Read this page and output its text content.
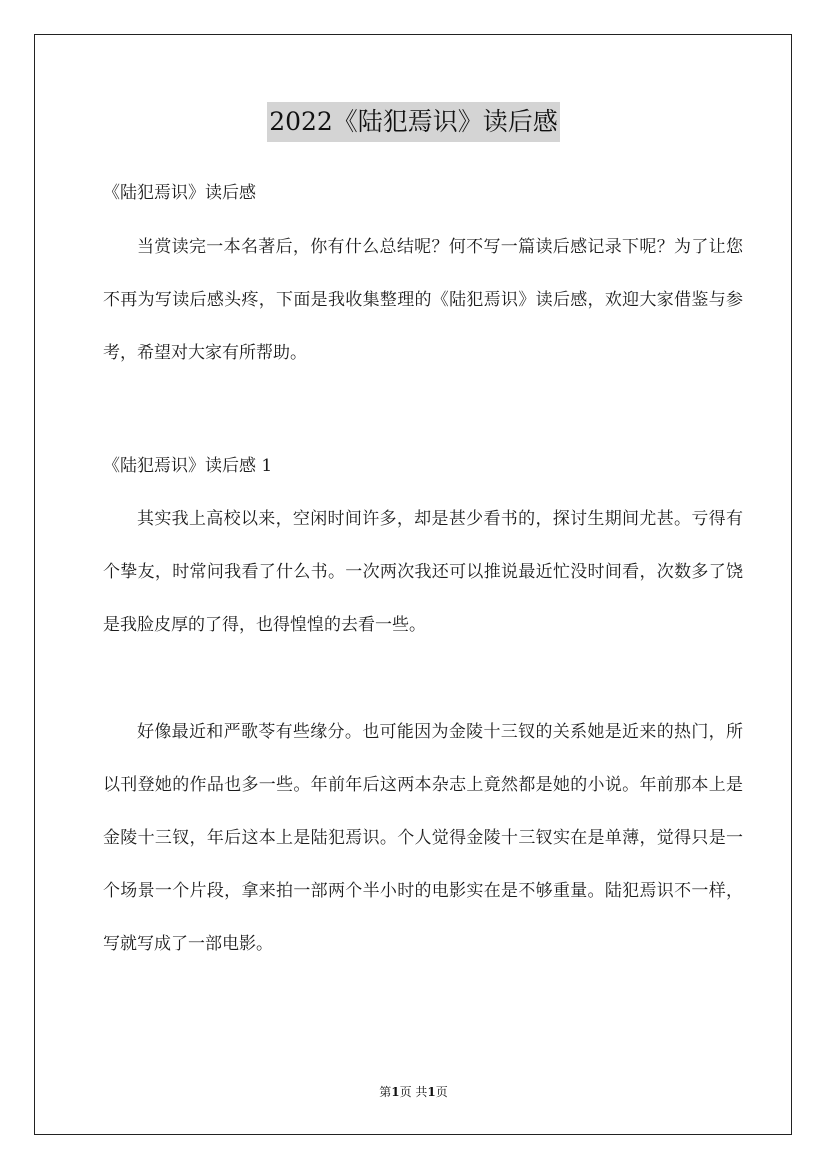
2022《陆犯焉识》读后感
《陆犯焉识》读后感

当赏读完一本名著后，你有什么总结呢？何不写一篇读后感记录下呢？为了让您不再为写读后感头疼，下面是我收集整理的《陆犯焉识》读后感，欢迎大家借鉴与参考，希望对大家有所帮助。

《陆犯焉识》读后感 1

其实我上高校以来，空闲时间许多，却是甚少看书的，探讨生期间尤甚。亏得有个挚友，时常问我看了什么书。一次两次我还可以推说最近忙没时间看，次数多了饶是我脸皮厚的了得，也得惶惶的去看一些。

好像最近和严歌苓有些缘分。也可能因为金陵十三钗的关系她是近来的热门，所以刊登她的作品也多一些。年前年后这两本杂志上竟然都是她的小说。年前那本上是金陵十三钗，年后这本上是陆犯焉识。个人觉得金陵十三钗实在是单薄，觉得只是一个场景一个片段，拿来拍一部两个半小时的电影实在是不够重量。陆犯焉识不一样，写就写成了一部电影。

第1页 共1页
